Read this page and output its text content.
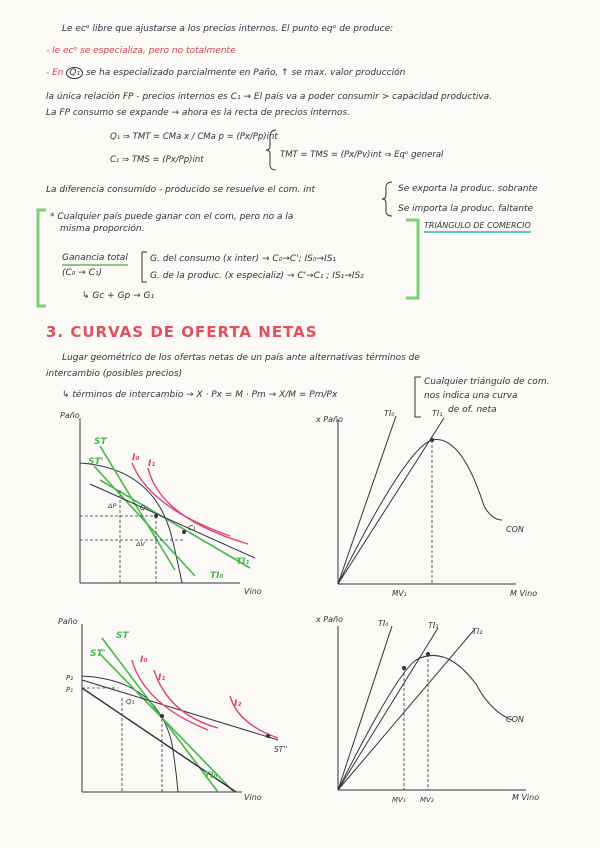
Le ecᵒ libre que ajustarse a los precios internos. El punto eqᵒ de produce:
- le ecᵒ se especializa, pero no totalmente
- En Q₁ se ha especializado parcialmente en Paño, ↑ se max. valor producción
la única relación FP - precios internos es C₁ → El país va a poder consumir > capacidad productiva.
La FP consumo se expande → ahora es la recta de precios internos.
Q₁ ⇒ TMT = CMa x / CMa p = (Px/Pp)int
C₁ ⇒ TMS = (Px/Pp)int	TMT = TMS = (Px/Pv)int ⇒ Eqᵒ general
La diferencia consumido - producido se resuelve el com. int	Se exporta la produc. sobrante
Se importa la produc. faltante
TRIÁNGULO DE COMERCIO
* Cualquier país puede ganar con el com, pero no a la
misma proporción.
Ganancia total
(C₀ → C₁)
G. del consumo (x inter) → C₀→C'; IS₀→IS₁
G. de la produc. (x especializ) → C'→C₁ ; IS₁→IS₂
↳ Gc + Gp → G₁
3. CURVAS DE OFERTA NETAS
Lugar geométrico de los ofertas netas de un país ante alternativas términos de
intercambio (posibles precios)
↳ términos de intercambio → X · Px = M · Pm → X/M = Pm/Px
Cualquier triángulo de com.
nos indica una curva
de of. neta
Paño
Vino
ST
ST'	I₀
I₁
Q₁
C₁
TI₀
TI₁
ΔP
ΔV
x Paño
M Vino
TI₀	TI₁
CON
MV₁
Paño
Vino
ST
ST'
P₂
P₁
I₀
I₁
I₂
Q₁
ST''
TI₀
x Paño
M Vino
TI₀	TI₁
TI₂
CON
MV₁ MV₂
